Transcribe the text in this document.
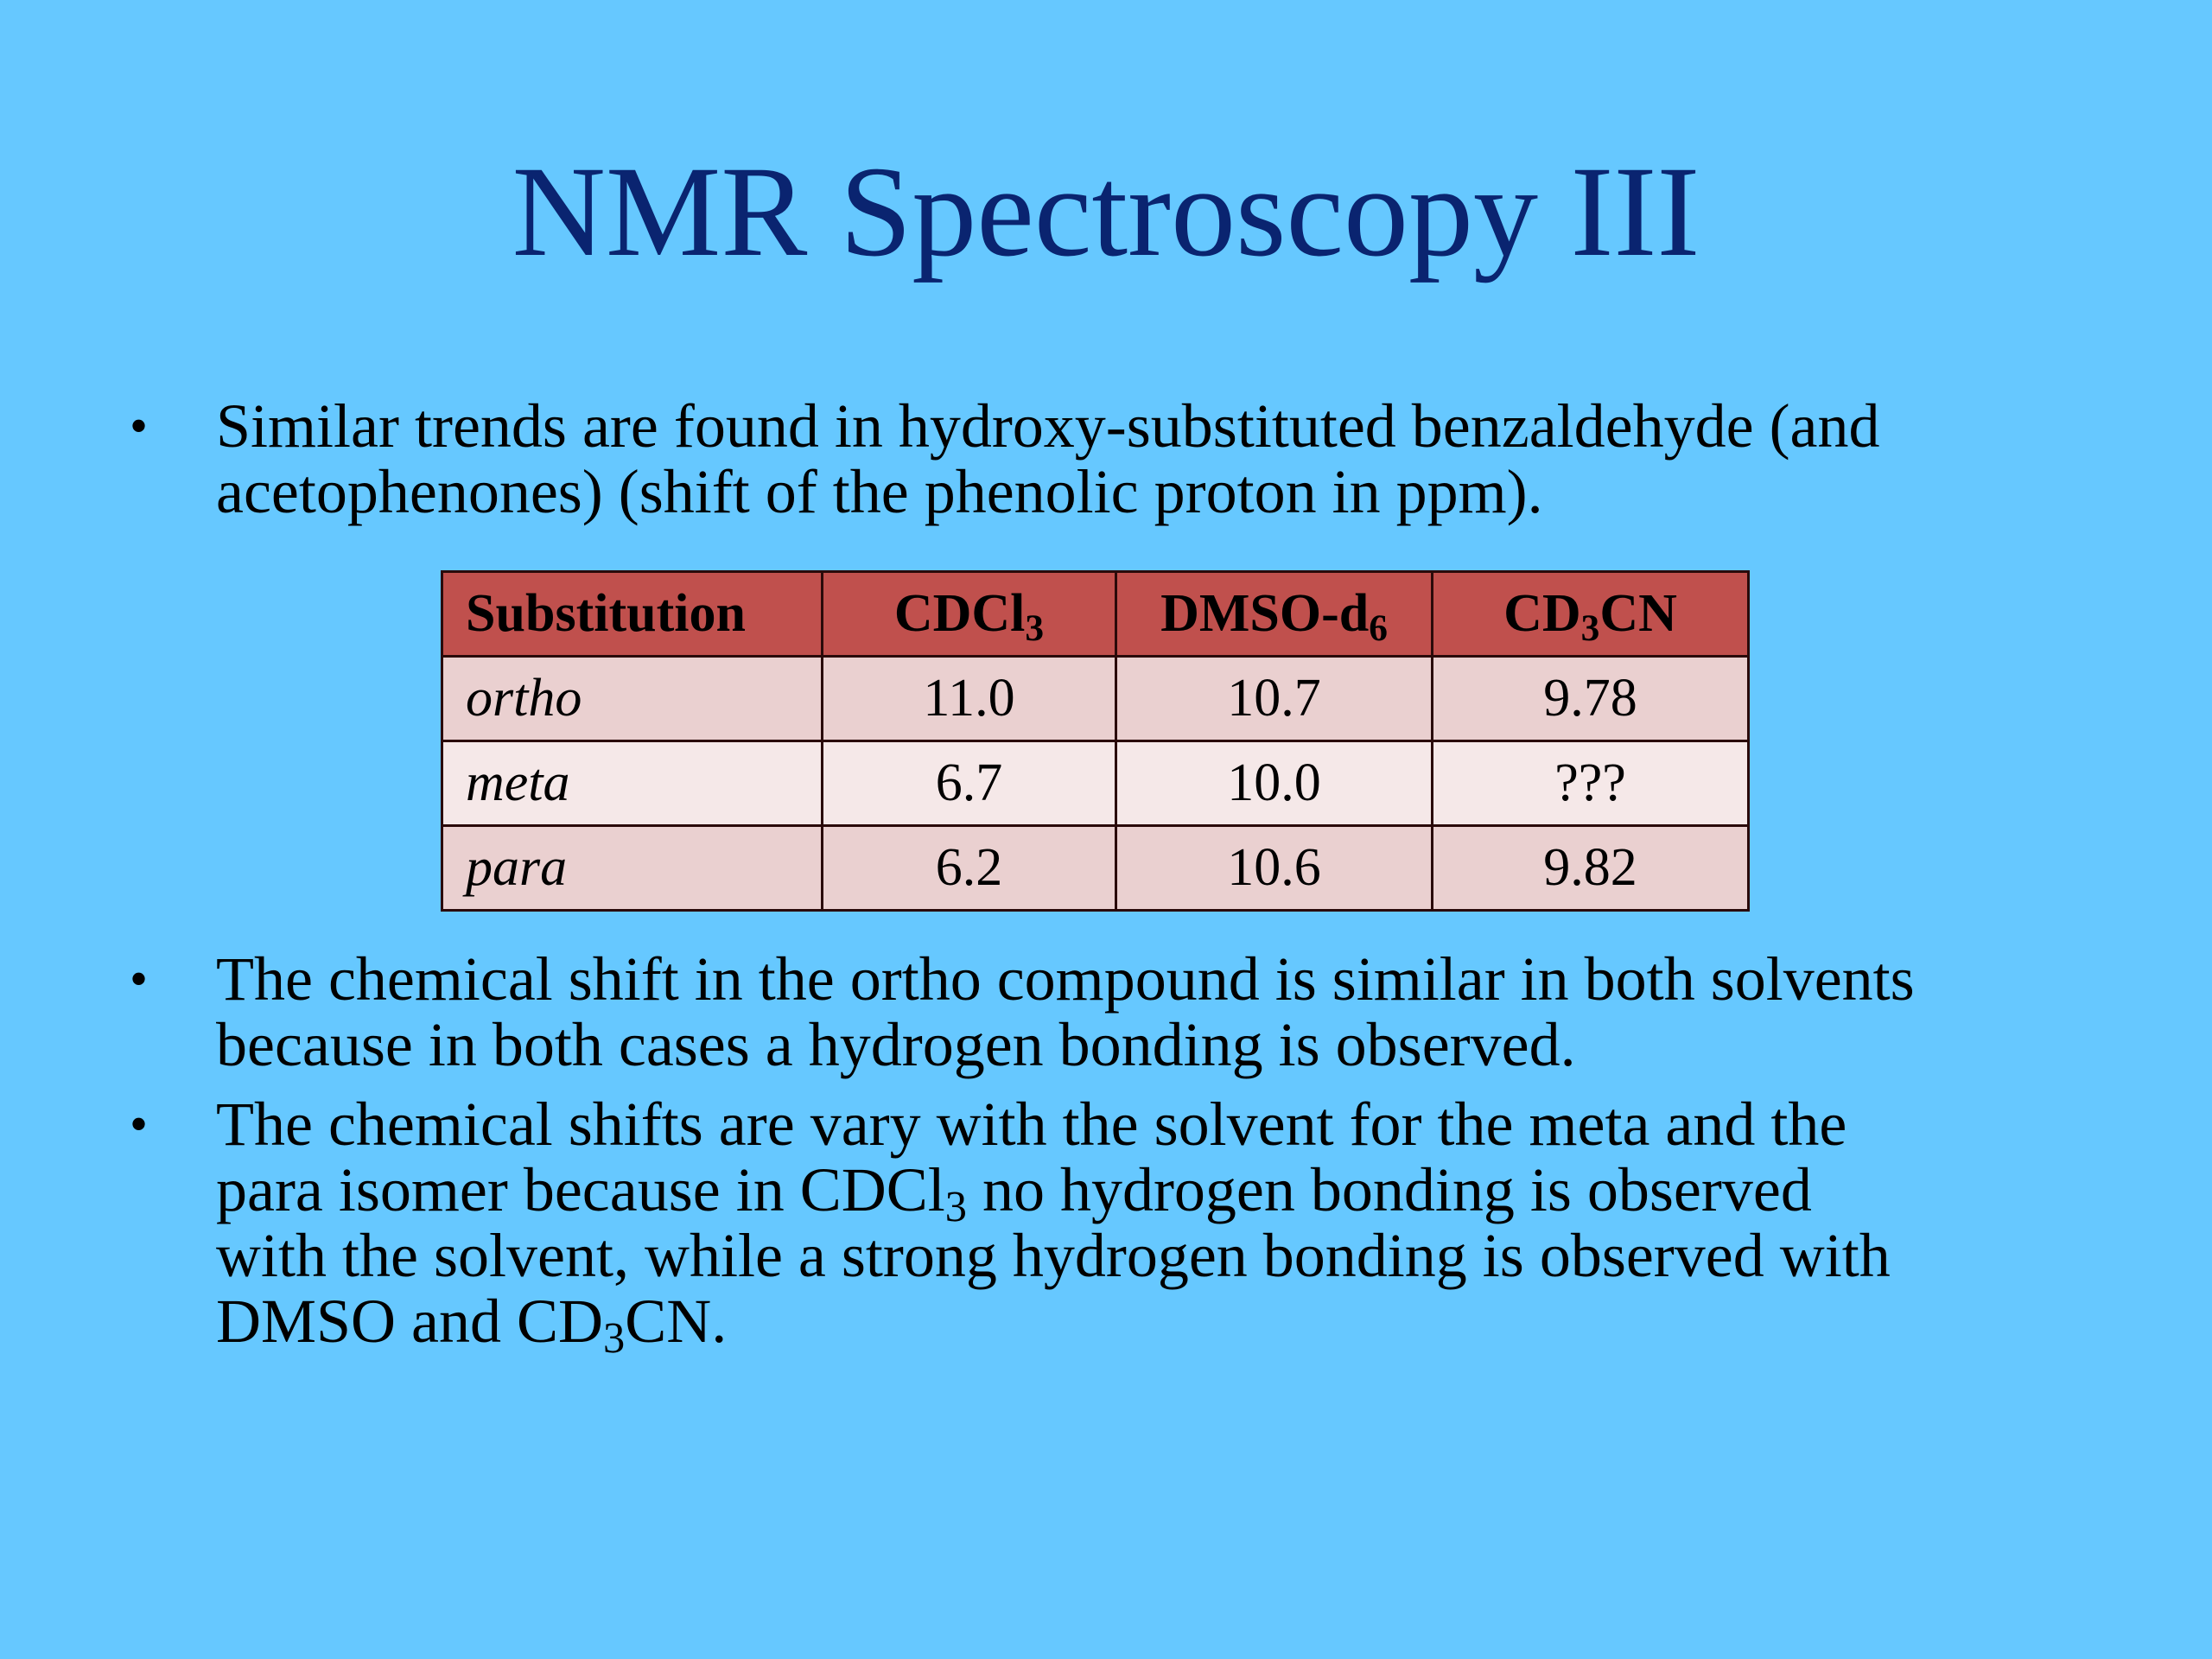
NMR Spectroscopy III
•	Similar trends are found in hydroxy-substituted benzaldehyde (and
acetophenones) (shift of the phenolic proton in ppm).
Substitution	CDCl$_3$	DMSO-$d_6$	$CD_3CN$
ortho	11.0	10.7	9.78
meta	6.7	10.0	???
para	6.2	10.6	9.82
•	The chemical shift in the ortho compound is similar in both solvents
because in both cases a hydrogen bonding is observed.
•	The chemical shifts are vary with the solvent for the meta and the
para isomer because in CDCl$_3$ no hydrogen bonding is observed
with the solvent, while a strong hydrogen bonding is observed with
DMSO and $CD_3CN$.
